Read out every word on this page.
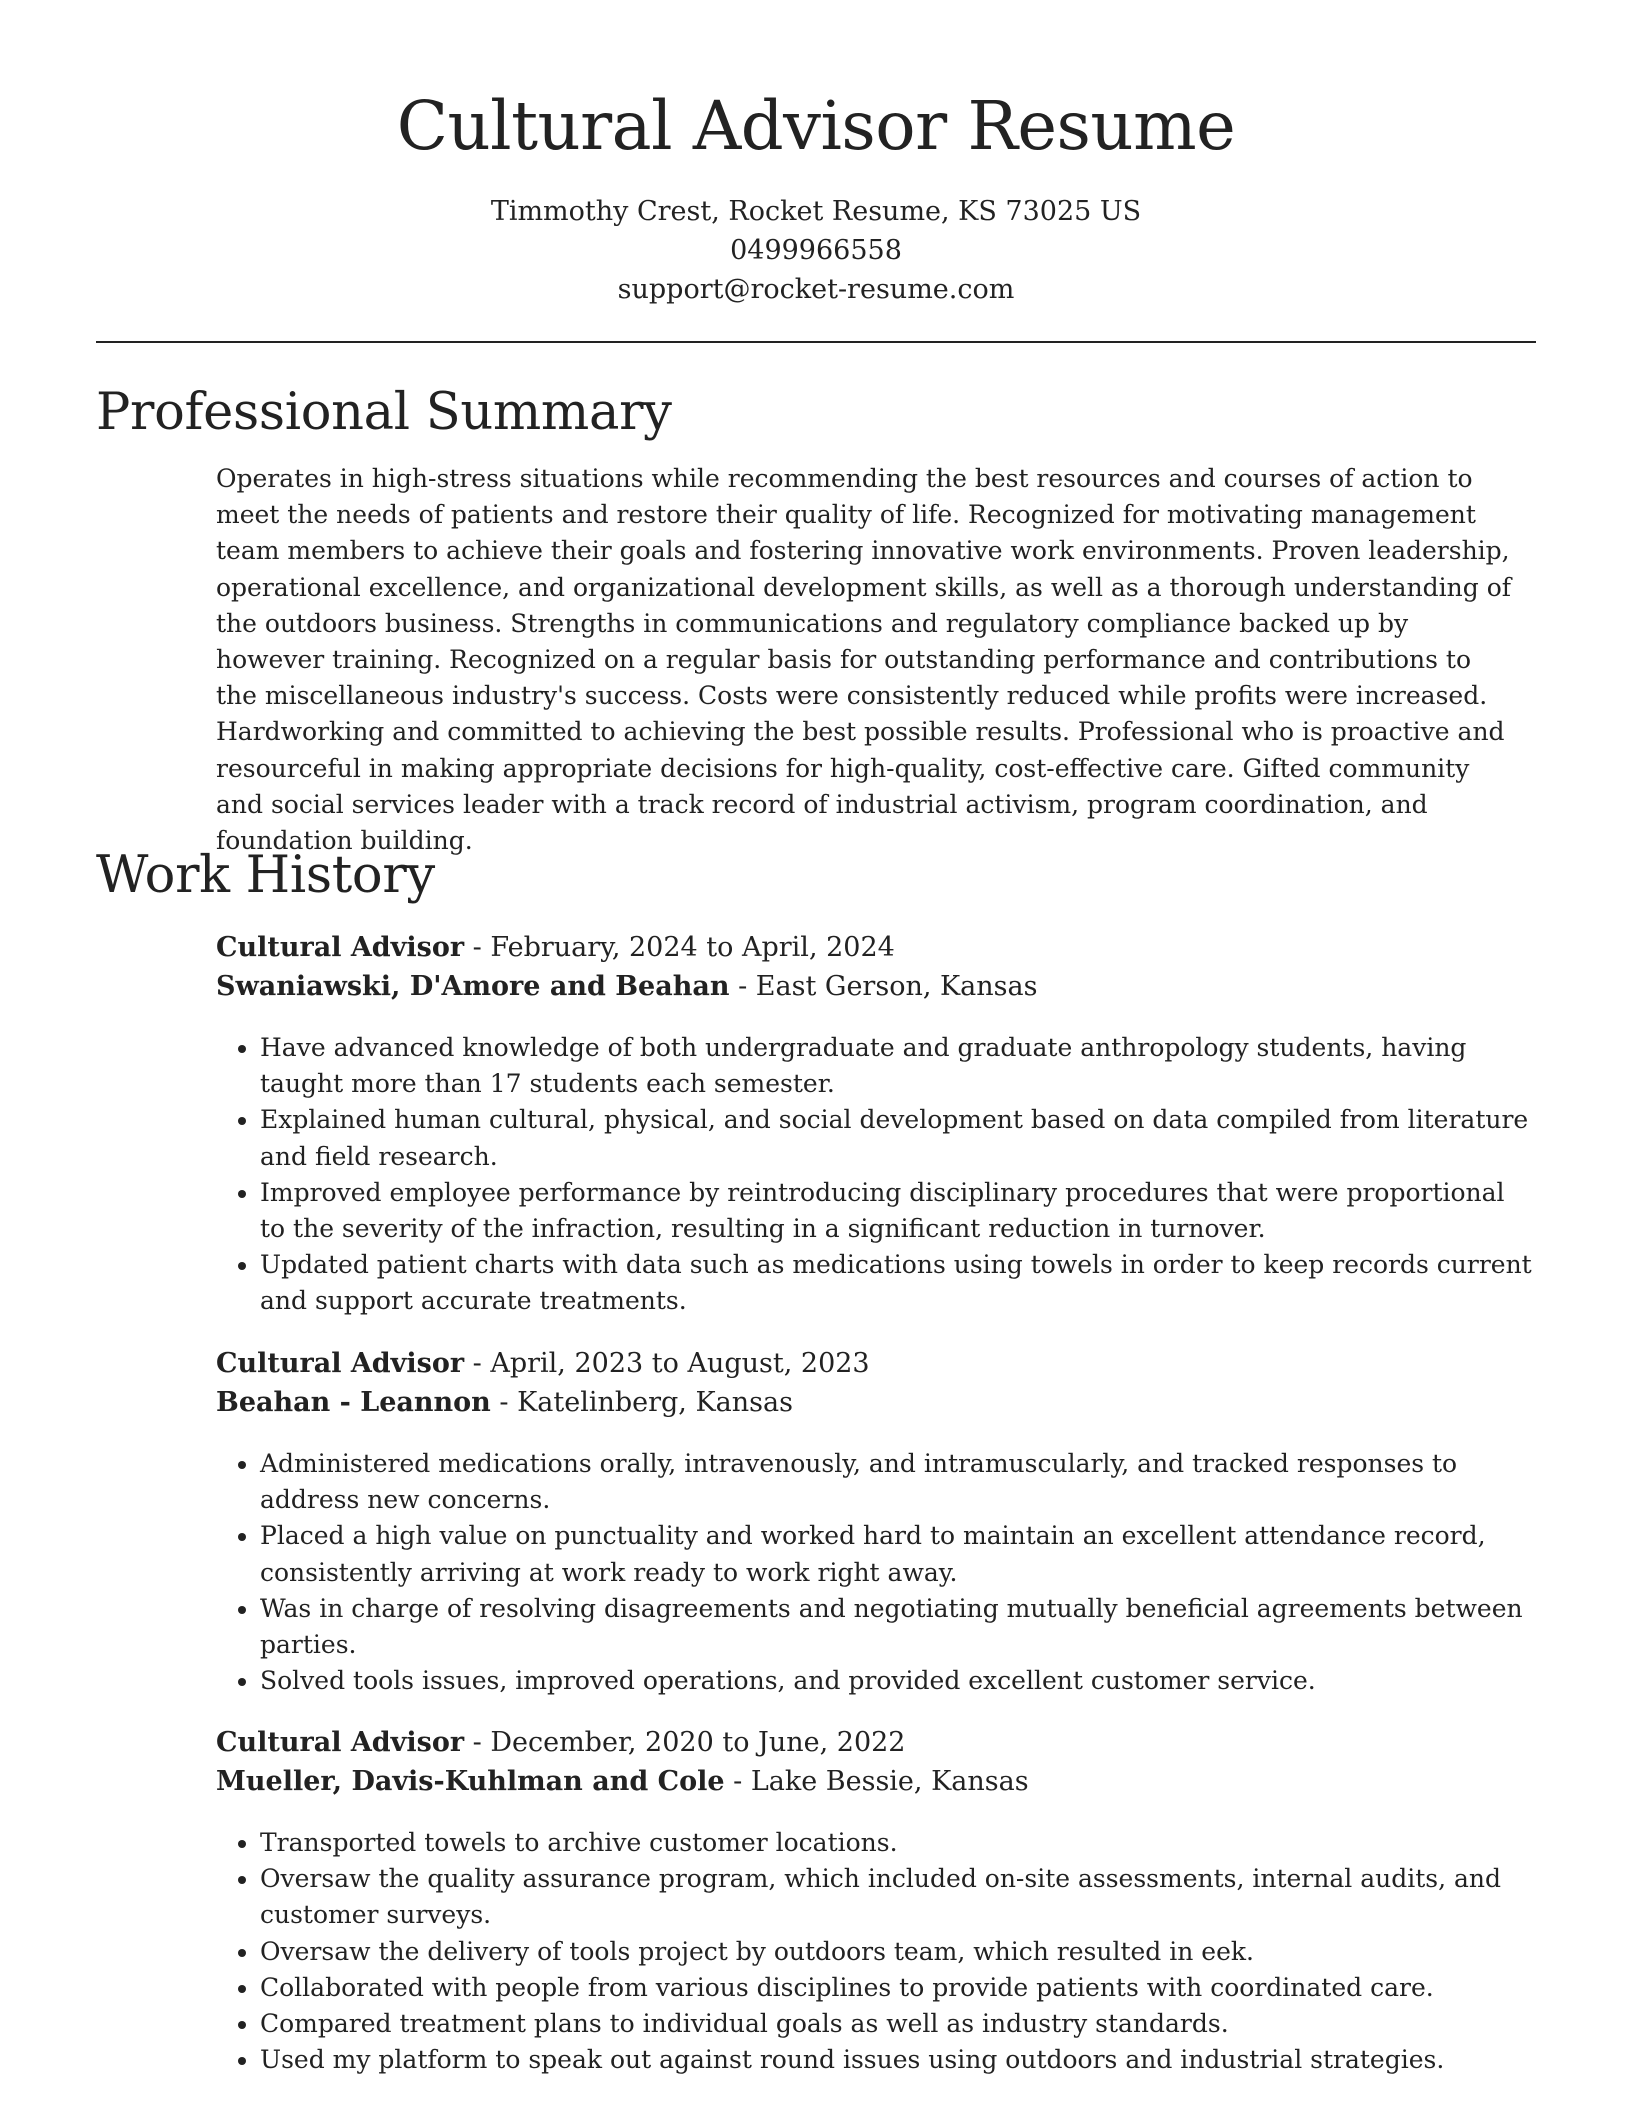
Cultural Advisor Resume
Timmothy Crest, Rocket Resume, KS 73025 US
0499966558
support@rocket-resume.com
Professional Summary

Operates in high-stress situations while recommending the best resources and courses of action to meet the needs of patients and restore their quality of life. Recognized for motivating management team members to achieve their goals and fostering innovative work environments. Proven leadership, operational excellence, and organizational development skills, as well as a thorough understanding of the outdoors business. Strengths in communications and regulatory compliance backed up by however training. Recognized on a regular basis for outstanding performance and contributions to the miscellaneous industry's success. Costs were consistently reduced while profits were increased. Hardworking and committed to achieving the best possible results. Professional who is proactive and resourceful in making appropriate decisions for high-quality, cost-effective care. Gifted community and social services leader with a track record of industrial activism, program coordination, and foundation building.

Work History
Cultural Advisor - February, 2024 to April, 2024
Swaniawski, D'Amore and Beahan - East Gerson, Kansas
• Have advanced knowledge of both undergraduate and graduate anthropology students, having taught more than 17 students each semester.
• Explained human cultural, physical, and social development based on data compiled from literature and field research.
• Improved employee performance by reintroducing disciplinary procedures that were proportional to the severity of the infraction, resulting in a significant reduction in turnover.
• Updated patient charts with data such as medications using towels in order to keep records current and support accurate treatments.
Cultural Advisor - April, 2023 to August, 2023
Beahan - Leannon - Katelinberg, Kansas
• Administered medications orally, intravenously, and intramuscularly, and tracked responses to address new concerns.
• Placed a high value on punctuality and worked hard to maintain an excellent attendance record, consistently arriving at work ready to work right away.
• Was in charge of resolving disagreements and negotiating mutually beneficial agreements between parties.
• Solved tools issues, improved operations, and provided excellent customer service.
Cultural Advisor - December, 2020 to June, 2022
Mueller, Davis-Kuhlman and Cole - Lake Bessie, Kansas
• Transported towels to archive customer locations.
• Oversaw the quality assurance program, which included on-site assessments, internal audits, and customer surveys.
• Oversaw the delivery of tools project by outdoors team, which resulted in eek.
• Collaborated with people from various disciplines to provide patients with coordinated care.
• Compared treatment plans to individual goals as well as industry standards.
• Used my platform to speak out against round issues using outdoors and industrial strategies.
